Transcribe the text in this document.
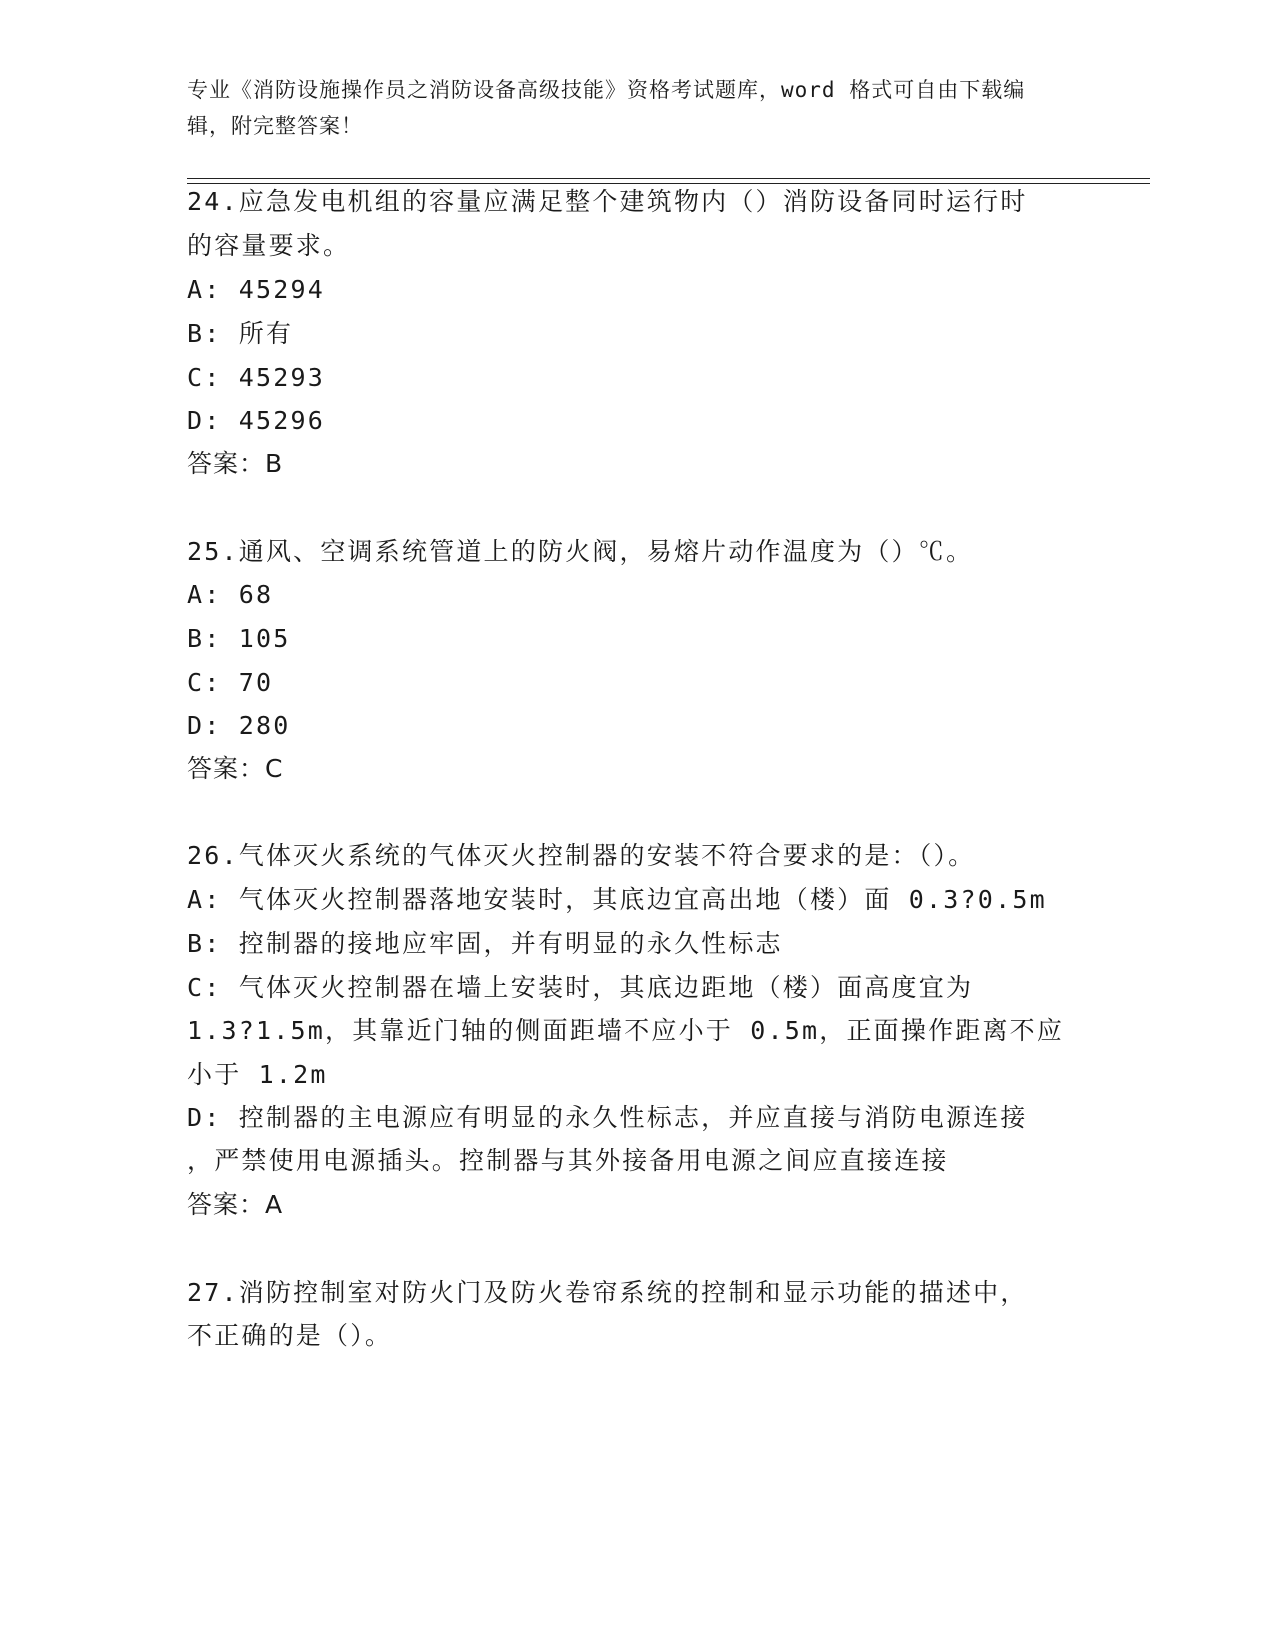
专业《消防设施操作员之消防设备高级技能》资格考试题库，word 格式可自由下载编辑，附完整答案！
24.应急发电机组的容量应满足整个建筑物内（）消防设备同时运行时
的容量要求。
A: 45294
B: 所有
C: 45293
D: 45296
答案：B
25.通风、空调系统管道上的防火阀，易熔片动作温度为（）℃。
A: 68
B: 105
C: 70
D: 280
答案：C
26.气体灭火系统的气体灭火控制器的安装不符合要求的是：（）。
A: 气体灭火控制器落地安装时，其底边宜高出地（楼）面 0.3?0.5m
B: 控制器的接地应牢固，并有明显的永久性标志
C: 气体灭火控制器在墙上安装时，其底边距地（楼）面高度宜为
1.3?1.5m，其靠近门轴的侧面距墙不应小于 0.5m，正面操作距离不应
小于 1.2m
D: 控制器的主电源应有明显的永久性标志，并应直接与消防电源连接
，严禁使用电源插头。控制器与其外接备用电源之间应直接连接
答案：A
27.消防控制室对防火门及防火卷帘系统的控制和显示功能的描述中，
不正确的是（）。
